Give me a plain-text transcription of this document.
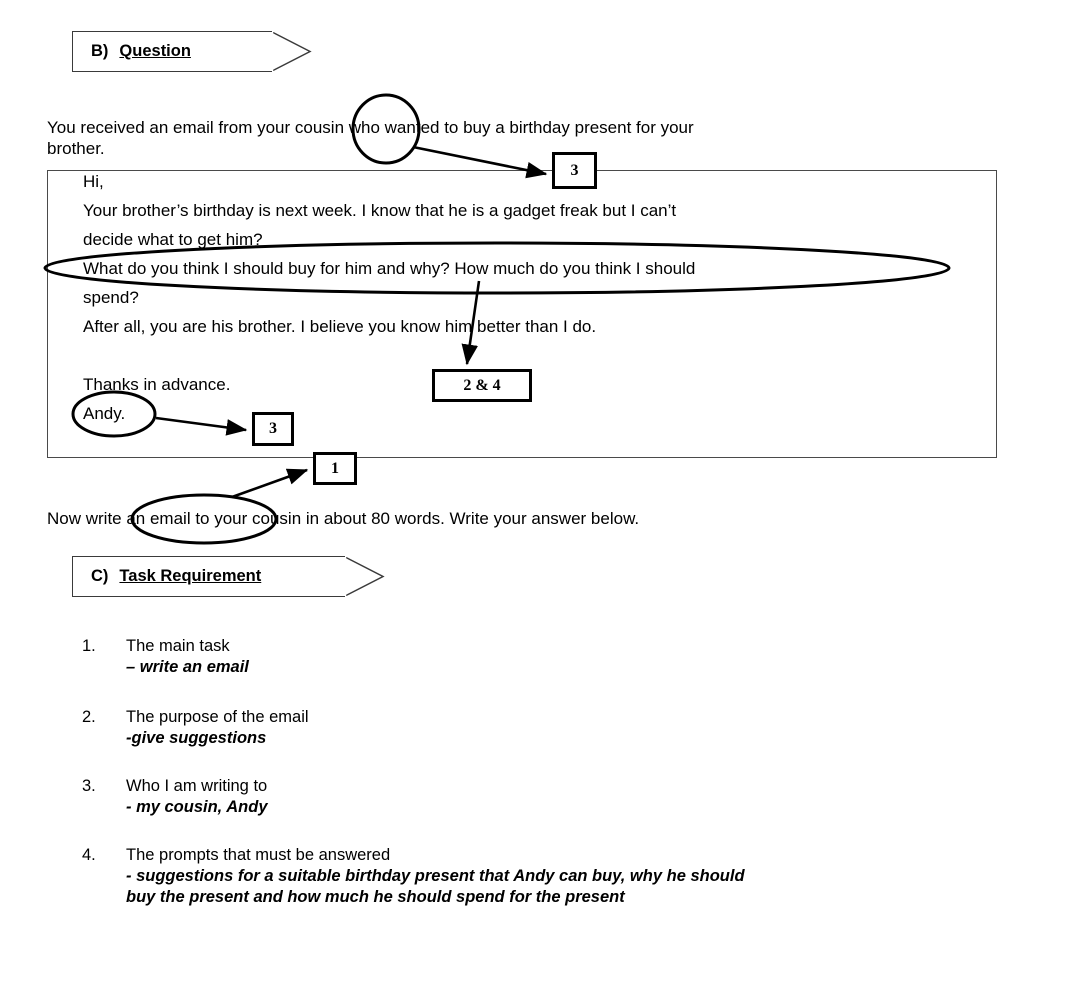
B) Question
You received an email from your cousin who wanted to buy a birthday present for your
brother.
Hi,
Your brother’s birthday is next week. I know that he is a gadget freak but I can’t
decide what to get him?
What do you think I should buy for him and why? How much do you think I should
spend?
After all, you are his brother. I believe you know him better than I do.
Thanks in advance.
Andy.
3
2 & 4
3
1
Now write an email to your cousin in about 80 words. Write your answer below.
C) Task Requirement
1.	The main task
– write an email
2.	The purpose of the email
-give suggestions
3.	Who I am writing to
- my cousin, Andy
4.	The prompts that must be answered
- suggestions for a suitable birthday present that Andy can buy, why he should
buy the present and how much he should spend for the present
